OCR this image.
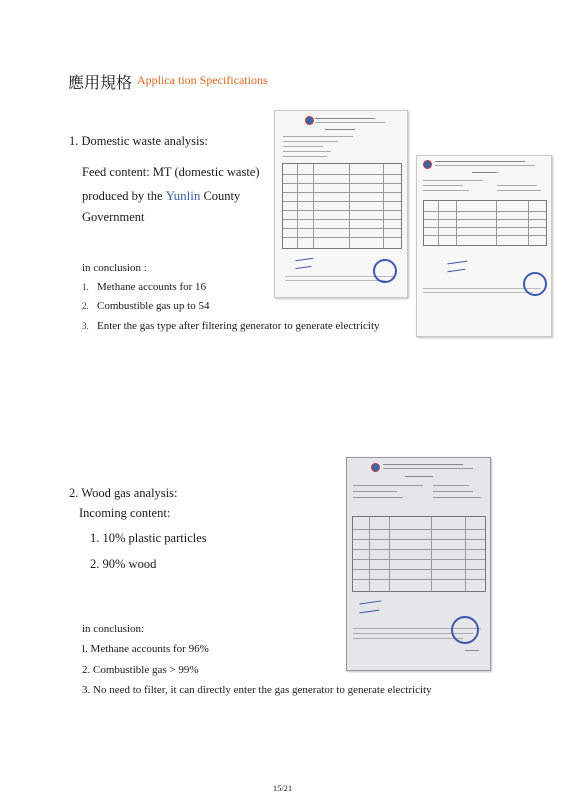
應用規格 Applica tion Specifications
1. Domestic waste analysis:
Feed content: MT (domestic waste)
produced by the Yunlin County
Government
in conclusion :
1. Methane accounts for 16
2. Combustible gas up to 54
3. Enter the gas type after filtering generator to generate electricity
2. Wood gas analysis:
Incoming content:
1. 10% plastic particles
2. 90% wood
in conclusion:
l. Methane accounts for 96%
2. Combustible gas > 99%
3. No need to filter, it can directly enter the gas generator to generate electricity
15/21
